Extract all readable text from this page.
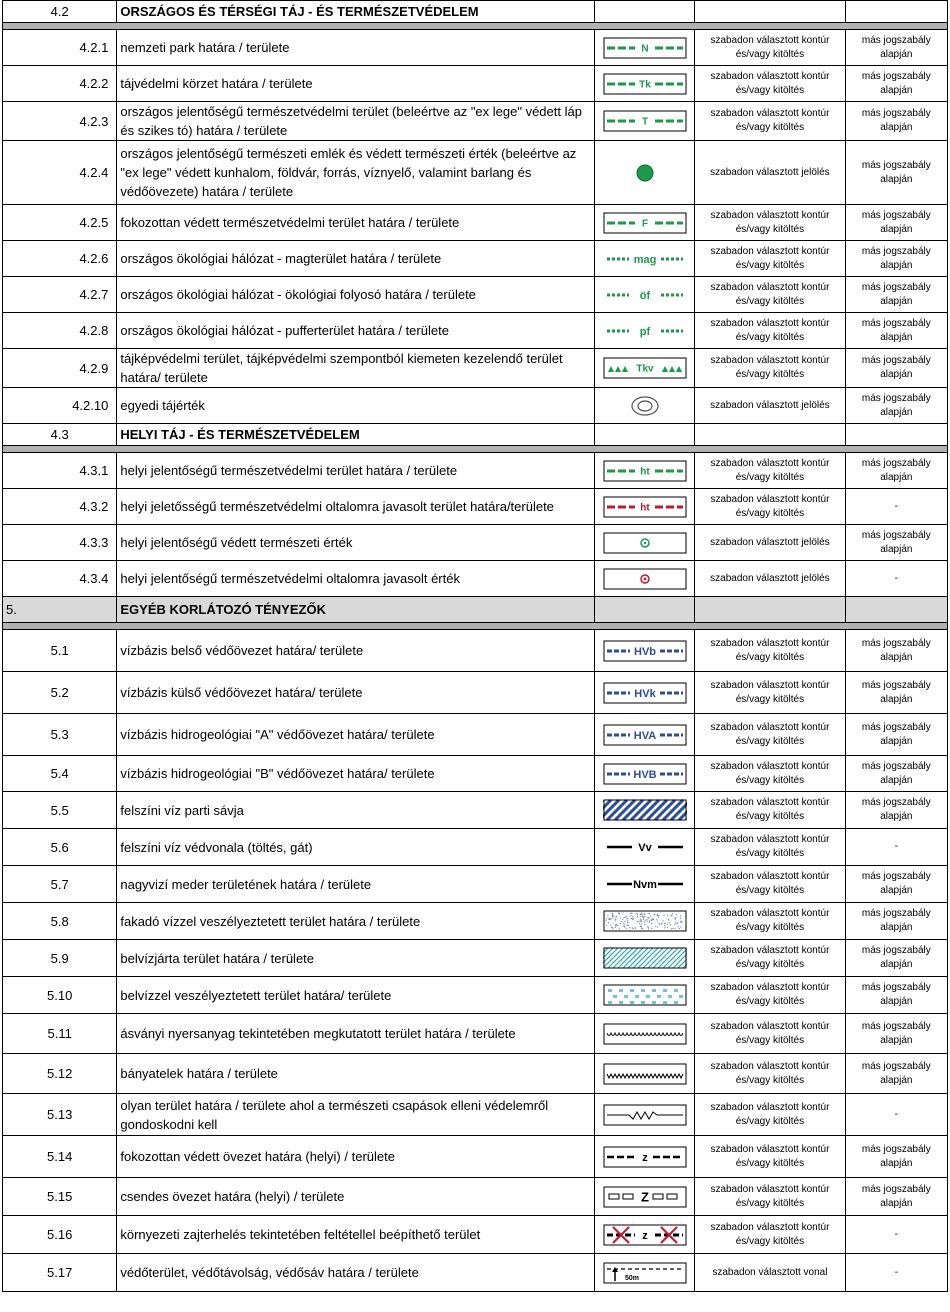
4.2	ORSZÁGOS ÉS TÉRSÉGI TÁJ - ÉS TERMÉSZETVÉDELEM			

4.2.1	nemzeti park határa / területe	N	szabadon választott kontúr és/vagy kitöltés	más jogszabály alapján
4.2.2	tájvédelmi körzet határa / területe	Tk	szabadon választott kontúr és/vagy kitöltés	más jogszabály alapján
4.2.3	országos jelentőségű természetvédelmi terület (beleértve az "ex lege" védett láp és szikes tó) határa / területe	T	szabadon választott kontúr és/vagy kitöltés	más jogszabály alapján
4.2.4	országos jelentőségű természeti emlék és védett természeti érték (beleértve az "ex lege" védett kunhalom, földvár, forrás, víznyelő, valamint barlang és védőövezete) határa / területe		szabadon választott jelölés	más jogszabály alapján
4.2.5	fokozottan védett természetvédelmi terület határa / területe	F	szabadon választott kontúr és/vagy kitöltés	más jogszabály alapján
4.2.6	országos ökológiai hálózat - magterület határa / területe	mag	szabadon választott kontúr és/vagy kitöltés	más jogszabály alapján
4.2.7	országos ökológiai hálózat - ökológiai folyosó határa / területe	öf	szabadon választott kontúr és/vagy kitöltés	más jogszabály alapján
4.2.8	országos ökológiai hálózat - pufferterület határa / területe	pf	szabadon választott kontúr és/vagy kitöltés	más jogszabály alapján
4.2.9	tájképvédelmi terület, tájképvédelmi szempontból kiemeten kezelendő terület határa/ területe	Tkv	szabadon választott kontúr és/vagy kitöltés	más jogszabály alapján
4.2.10	egyedi tájérték		szabadon választott jelölés	más jogszabály alapján
4.3	HELYI TÁJ - ÉS TERMÉSZETVÉDELEM			

4.3.1	helyi jelentőségű természetvédelmi terület határa / területe	ht	szabadon választott kontúr és/vagy kitöltés	más jogszabály alapján
4.3.2	helyi jeletősségű természetvédelmi oltalomra javasolt terület határa/területe	ht	szabadon választott kontúr és/vagy kitöltés	-
4.3.3	helyi jelentőségű védett természeti érték		szabadon választott jelölés	más jogszabály alapján
4.3.4	helyi jelentőségű természetvédelmi oltalomra javasolt érték		szabadon választott jelölés	-
5.	EGYÉB KORLÁTOZÓ TÉNYEZŐK			

5.1	vízbázis belső védőövezet határa/ területe	HVb	szabadon választott kontúr és/vagy kitöltés	más jogszabály alapján
5.2	vízbázis külső védőövezet határa/ területe	HVk	szabadon választott kontúr és/vagy kitöltés	más jogszabály alapján
5.3	vízbázis hidrogeológiai "A" védőövezet határa/ területe	HVA	szabadon választott kontúr és/vagy kitöltés	más jogszabály alapján
5.4	vízbázis hidrogeológiai "B" védőövezet határa/ területe	HVB	szabadon választott kontúr és/vagy kitöltés	más jogszabály alapján
5.5	felszíni víz parti sávja		szabadon választott kontúr és/vagy kitöltés	más jogszabály alapján
5.6	felszíni víz védvonala (töltés, gát)	Vv	szabadon választott kontúr és/vagy kitöltés	-
5.7	nagyvizí meder területének határa / területe	Nvm	szabadon választott kontúr és/vagy kitöltés	más jogszabály alapján
5.8	fakadó vízzel veszélyeztetett terület határa / területe		szabadon választott kontúr és/vagy kitöltés	más jogszabály alapján
5.9	belvízjárta terület határa / területe		szabadon választott kontúr és/vagy kitöltés	más jogszabály alapján
5.10	belvízzel veszélyeztetett terület határa/ területe		szabadon választott kontúr és/vagy kitöltés	más jogszabály alapján
5.11	ásványi nyersanyag tekintetében megkutatott terület határa / területe		szabadon választott kontúr és/vagy kitöltés	más jogszabály alapján
5.12	bányatelek határa / területe		szabadon választott kontúr és/vagy kitöltés	más jogszabály alapján
5.13	olyan terület határa / területe ahol a természeti csapások elleni védelemről gondoskodni kell		szabadon választott kontúr és/vagy kitöltés	-
5.14	fokozottan védett övezet határa (helyi) / területe	z	szabadon választott kontúr és/vagy kitöltés	más jogszabály alapján
5.15	csendes övezet határa (helyi) / területe	Z	szabadon választott kontúr és/vagy kitöltés	más jogszabály alapján
5.16	környezeti zajterhelés tekintetében feltétellel beépíthető terület	z	szabadon választott kontúr és/vagy kitöltés	-
5.17	védőterület, védőtávolság, védősáv határa / területe	50m	szabadon választott vonal	-
